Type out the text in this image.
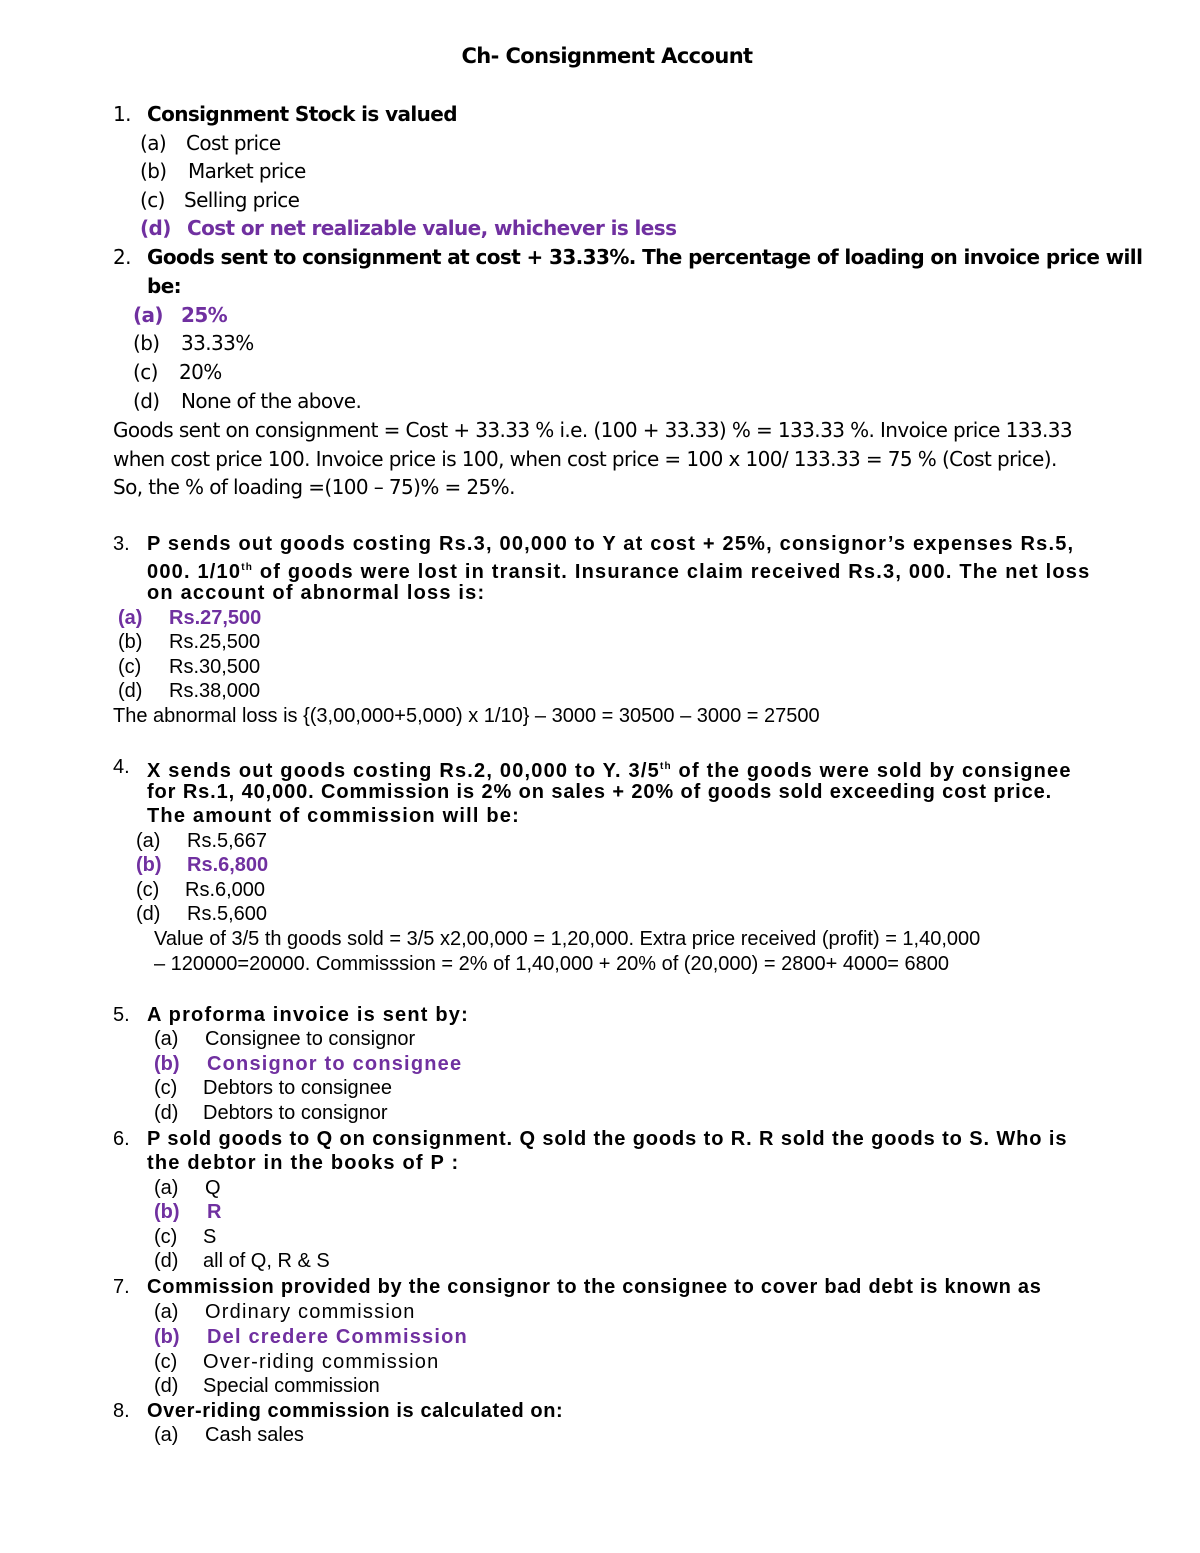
Ch- Consignment Account
1. Consignment Stock is valued
(a) Cost price
(b) Market price
(c) Selling price
(d) Cost or net realizable value, whichever is less
2. Goods sent to consignment at cost + 33.33%. The percentage of loading on invoice price will
be:
(a) 25%
(b) 33.33%
(c) 20%
(d) None of the above.
Goods sent on consignment = Cost + 33.33 % i.e. (100 + 33.33) % = 133.33 %. Invoice price 133.33
when cost price 100. Invoice price is 100, when cost price = 100 x 100/ 133.33 = 75 % (Cost price).
So, the % of loading =(100 – 75)% = 25%.
3. P sends out goods costing Rs.3, 00,000 to Y at cost + 25%, consignor’s expenses Rs.5,
000. 1/10th of goods were lost in transit. Insurance claim received Rs.3, 000. The net loss
on account of abnormal loss is:
(a) Rs.27,500
(b) Rs.25,500
(c) Rs.30,500
(d) Rs.38,000
The abnormal loss is {(3,00,000+5,000) x 1/10} – 3000 = 30500 – 3000 = 27500
4. X sends out goods costing Rs.2, 00,000 to Y. 3/5th of the goods were sold by consignee
for Rs.1, 40,000. Commission is 2% on sales + 20% of goods sold exceeding cost price.
The amount of commission will be:
(a) Rs.5,667
(b) Rs.6,800
(c) Rs.6,000
(d) Rs.5,600
Value of 3/5 th goods sold = 3/5 x2,00,000 = 1,20,000. Extra price received (profit) = 1,40,000
– 120000=20000. Commisssion = 2% of 1,40,000 + 20% of (20,000) = 2800+ 4000= 6800
5. A proforma invoice is sent by:
(a) Consignee to consignor
(b) Consignor to consignee
(c) Debtors to consignee
(d) Debtors to consignor
6. P sold goods to Q on consignment. Q sold the goods to R. R sold the goods to S. Who is
the debtor in the books of P :
(a) Q
(b) R
(c) S
(d) all of Q, R & S
7. Commission provided by the consignor to the consignee to cover bad debt is known as
(a) Ordinary commission
(b) Del credere Commission
(c) Over-riding commission
(d) Special commission
8. Over-riding commission is calculated on:
(a) Cash sales
